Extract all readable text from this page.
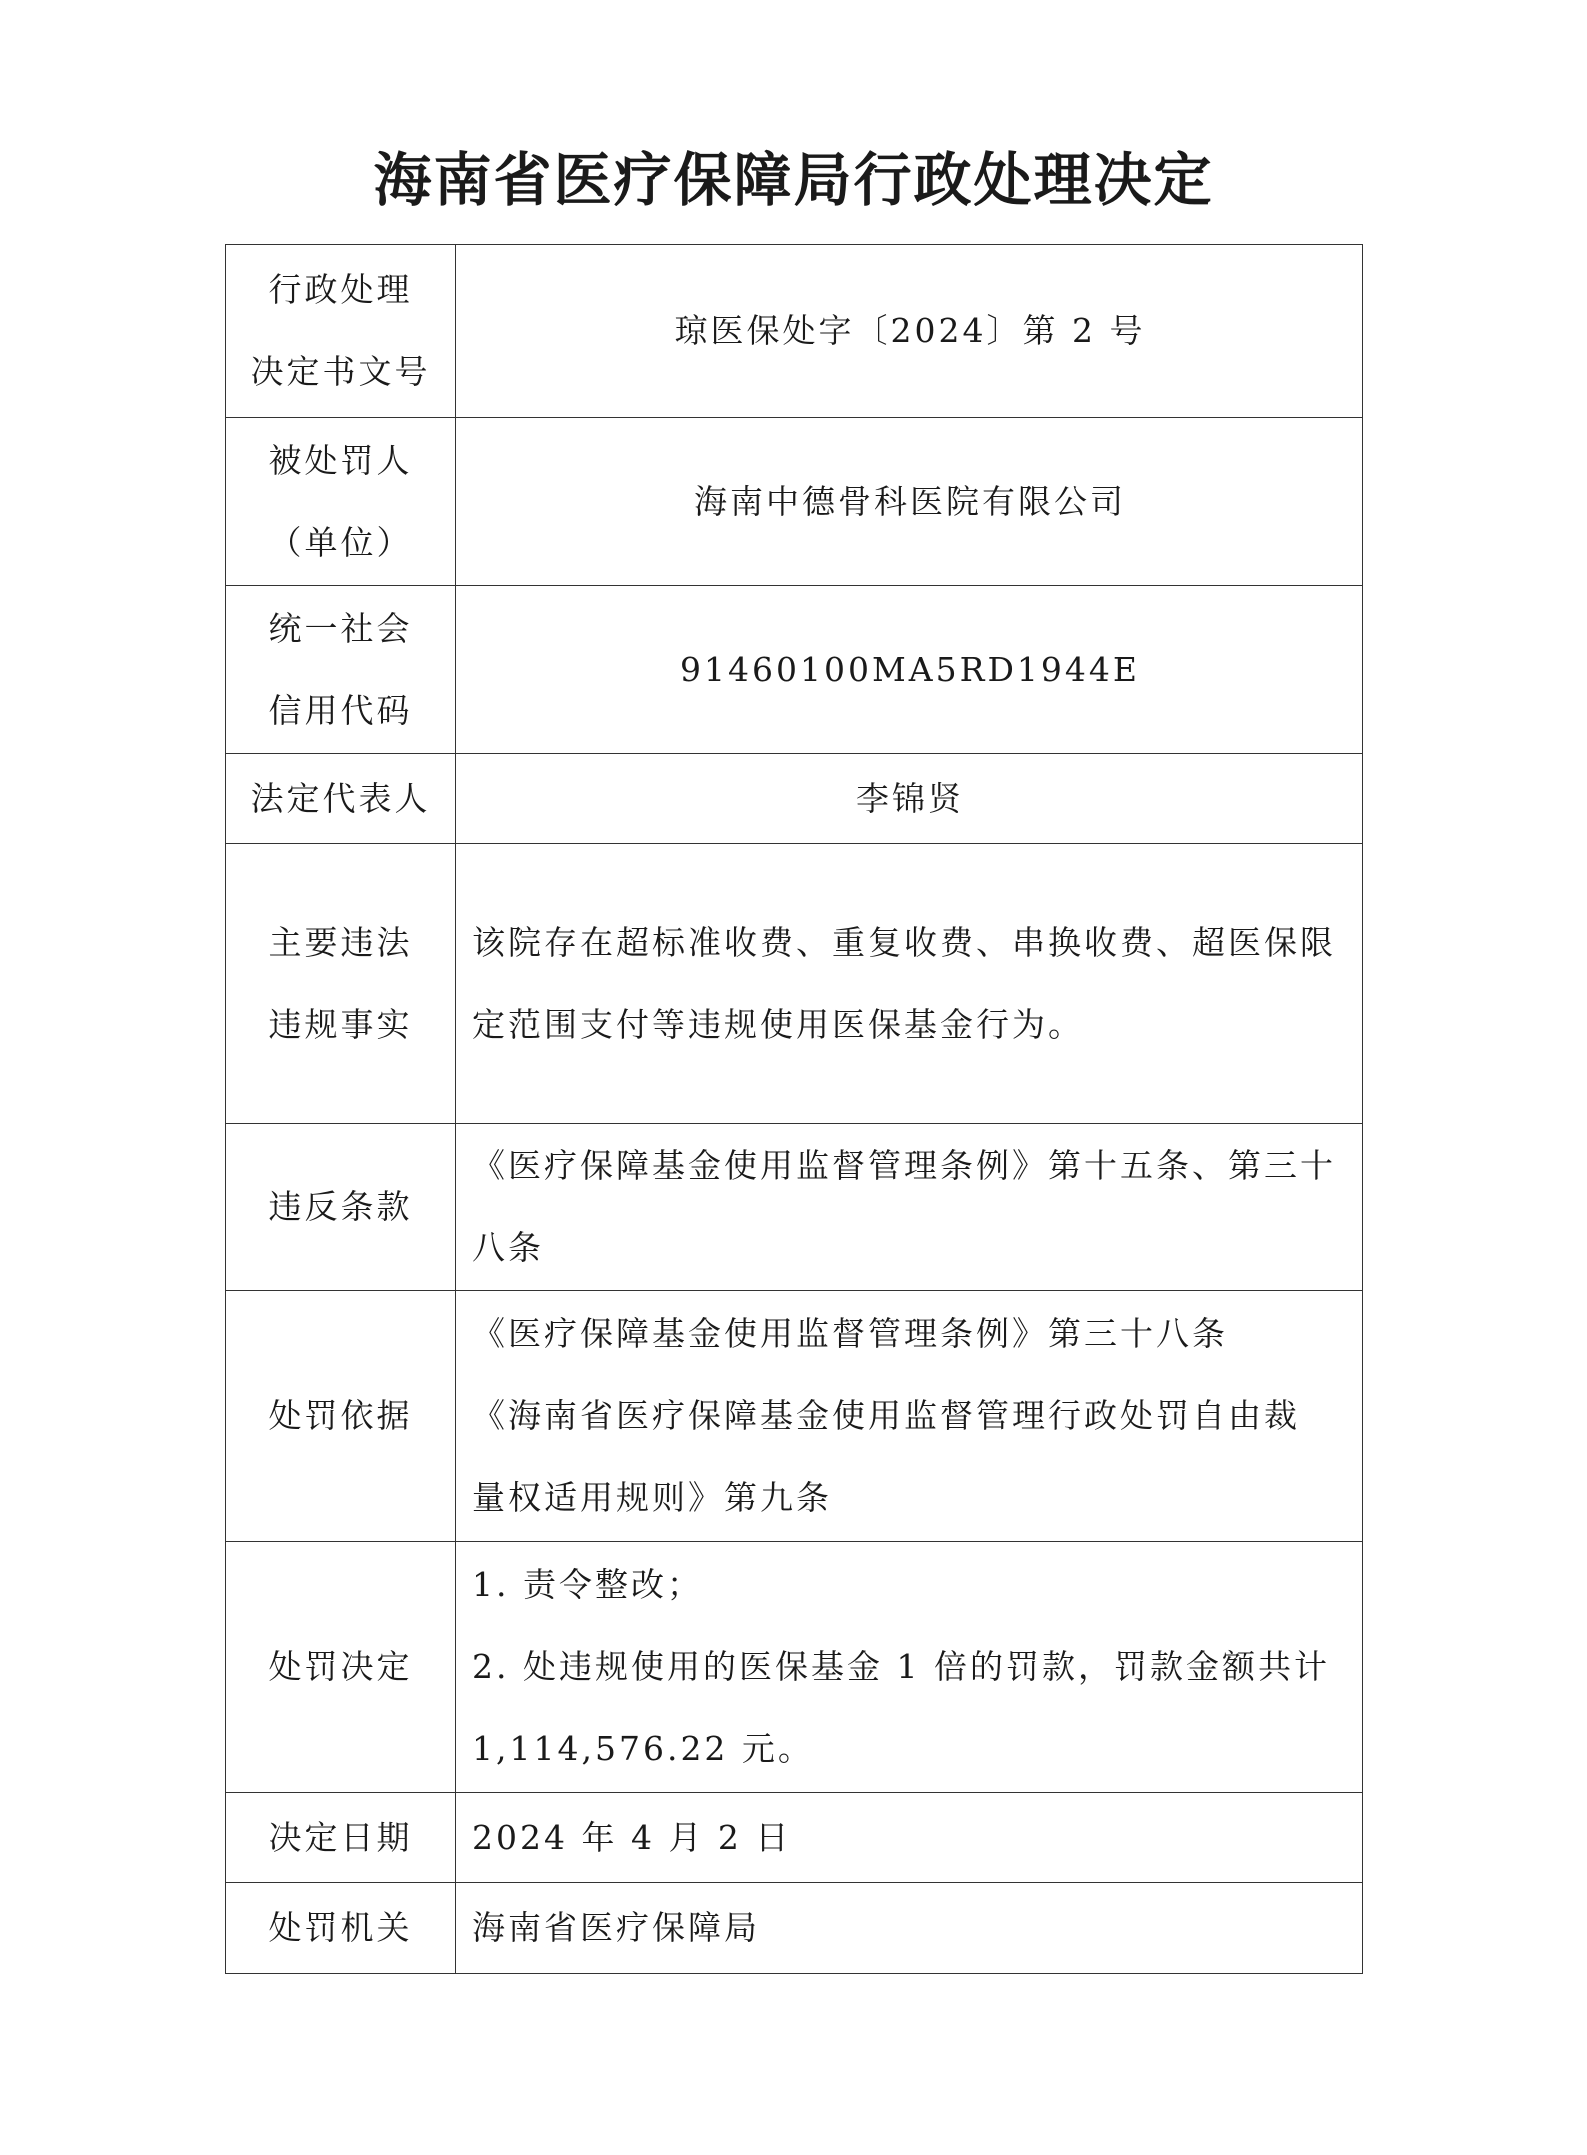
海南省医疗保障局行政处理决定
行政处理
决定书文号	琼医保处字〔2024〕第 2 号

被处罚人
（单位）	海南中德骨科医院有限公司

统一社会
信用代码	91460100MA5RD1944E
法定代表人	李锦贤

主要违法
违规事实	该院存在超标准收费、重复收费、串换收费、超医保限
定范围支付等违规使用医保基金行为。

违反条款	《医疗保障基金使用监督管理条例》第十五条、第三十
八条

处罚依据	《医疗保障基金使用监督管理条例》第三十八条
《海南省医疗保障基金使用监督管理行政处罚自由裁
量权适用规则》第九条

处罚决定	1. 责令整改；
2. 处违规使用的医保基金 1 倍的罚款，罚款金额共计
1,114,576.22 元。

决定日期	2024 年 4 月 2 日
处罚机关	海南省医疗保障局
